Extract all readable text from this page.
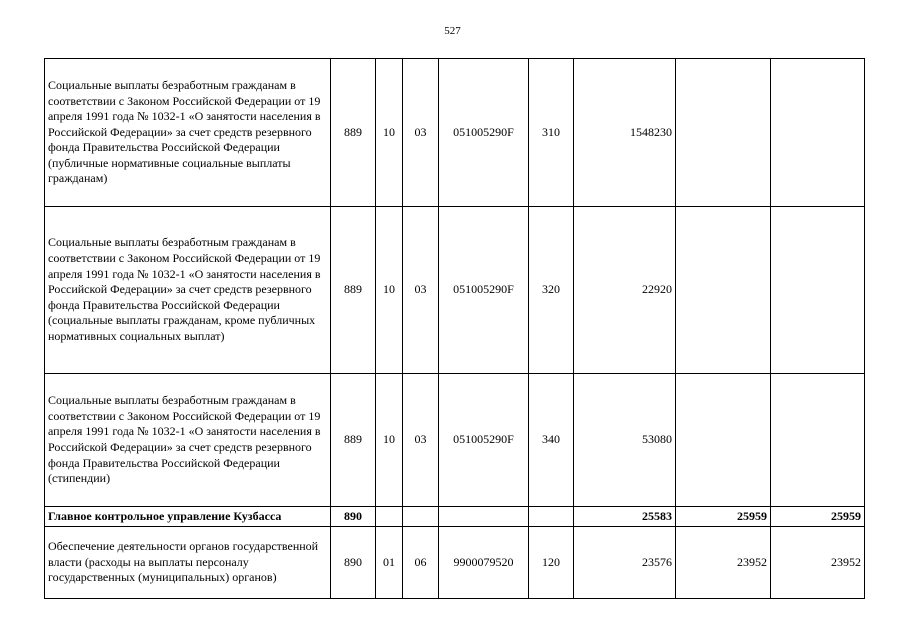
527
Социальные выплаты безработным гражданам в соответствии с Законом Российской Федерации от 19 апреля 1991 года № 1032-1 «О занятости населения в Российской Федерации» за счет средств резервного фонда Правительства Российской Федерации (публичные нормативные социальные выплаты гражданам)	889	10	03	051005290F	310	1548230		
Социальные выплаты безработным гражданам в соответствии с Законом Российской Федерации от 19 апреля 1991 года № 1032-1 «О занятости населения в Российской Федерации» за счет средств резервного фонда Правительства Российской Федерации (социальные выплаты гражданам, кроме публичных нормативных социальных выплат)	889	10	03	051005290F	320	22920		
Социальные выплаты безработным гражданам в соответствии с Законом Российской Федерации от 19 апреля 1991 года № 1032-1 «О занятости населения в Российской Федерации» за счет средств резервного фонда Правительства Российской Федерации (стипендии)	889	10	03	051005290F	340	53080		
Главное контрольное управление Кузбасса	890					25583	25959	25959
Обеспечение деятельности органов государственной власти (расходы на выплаты персоналу государственных (муниципальных) органов)	890	01	06	9900079520	120	23576	23952	23952
